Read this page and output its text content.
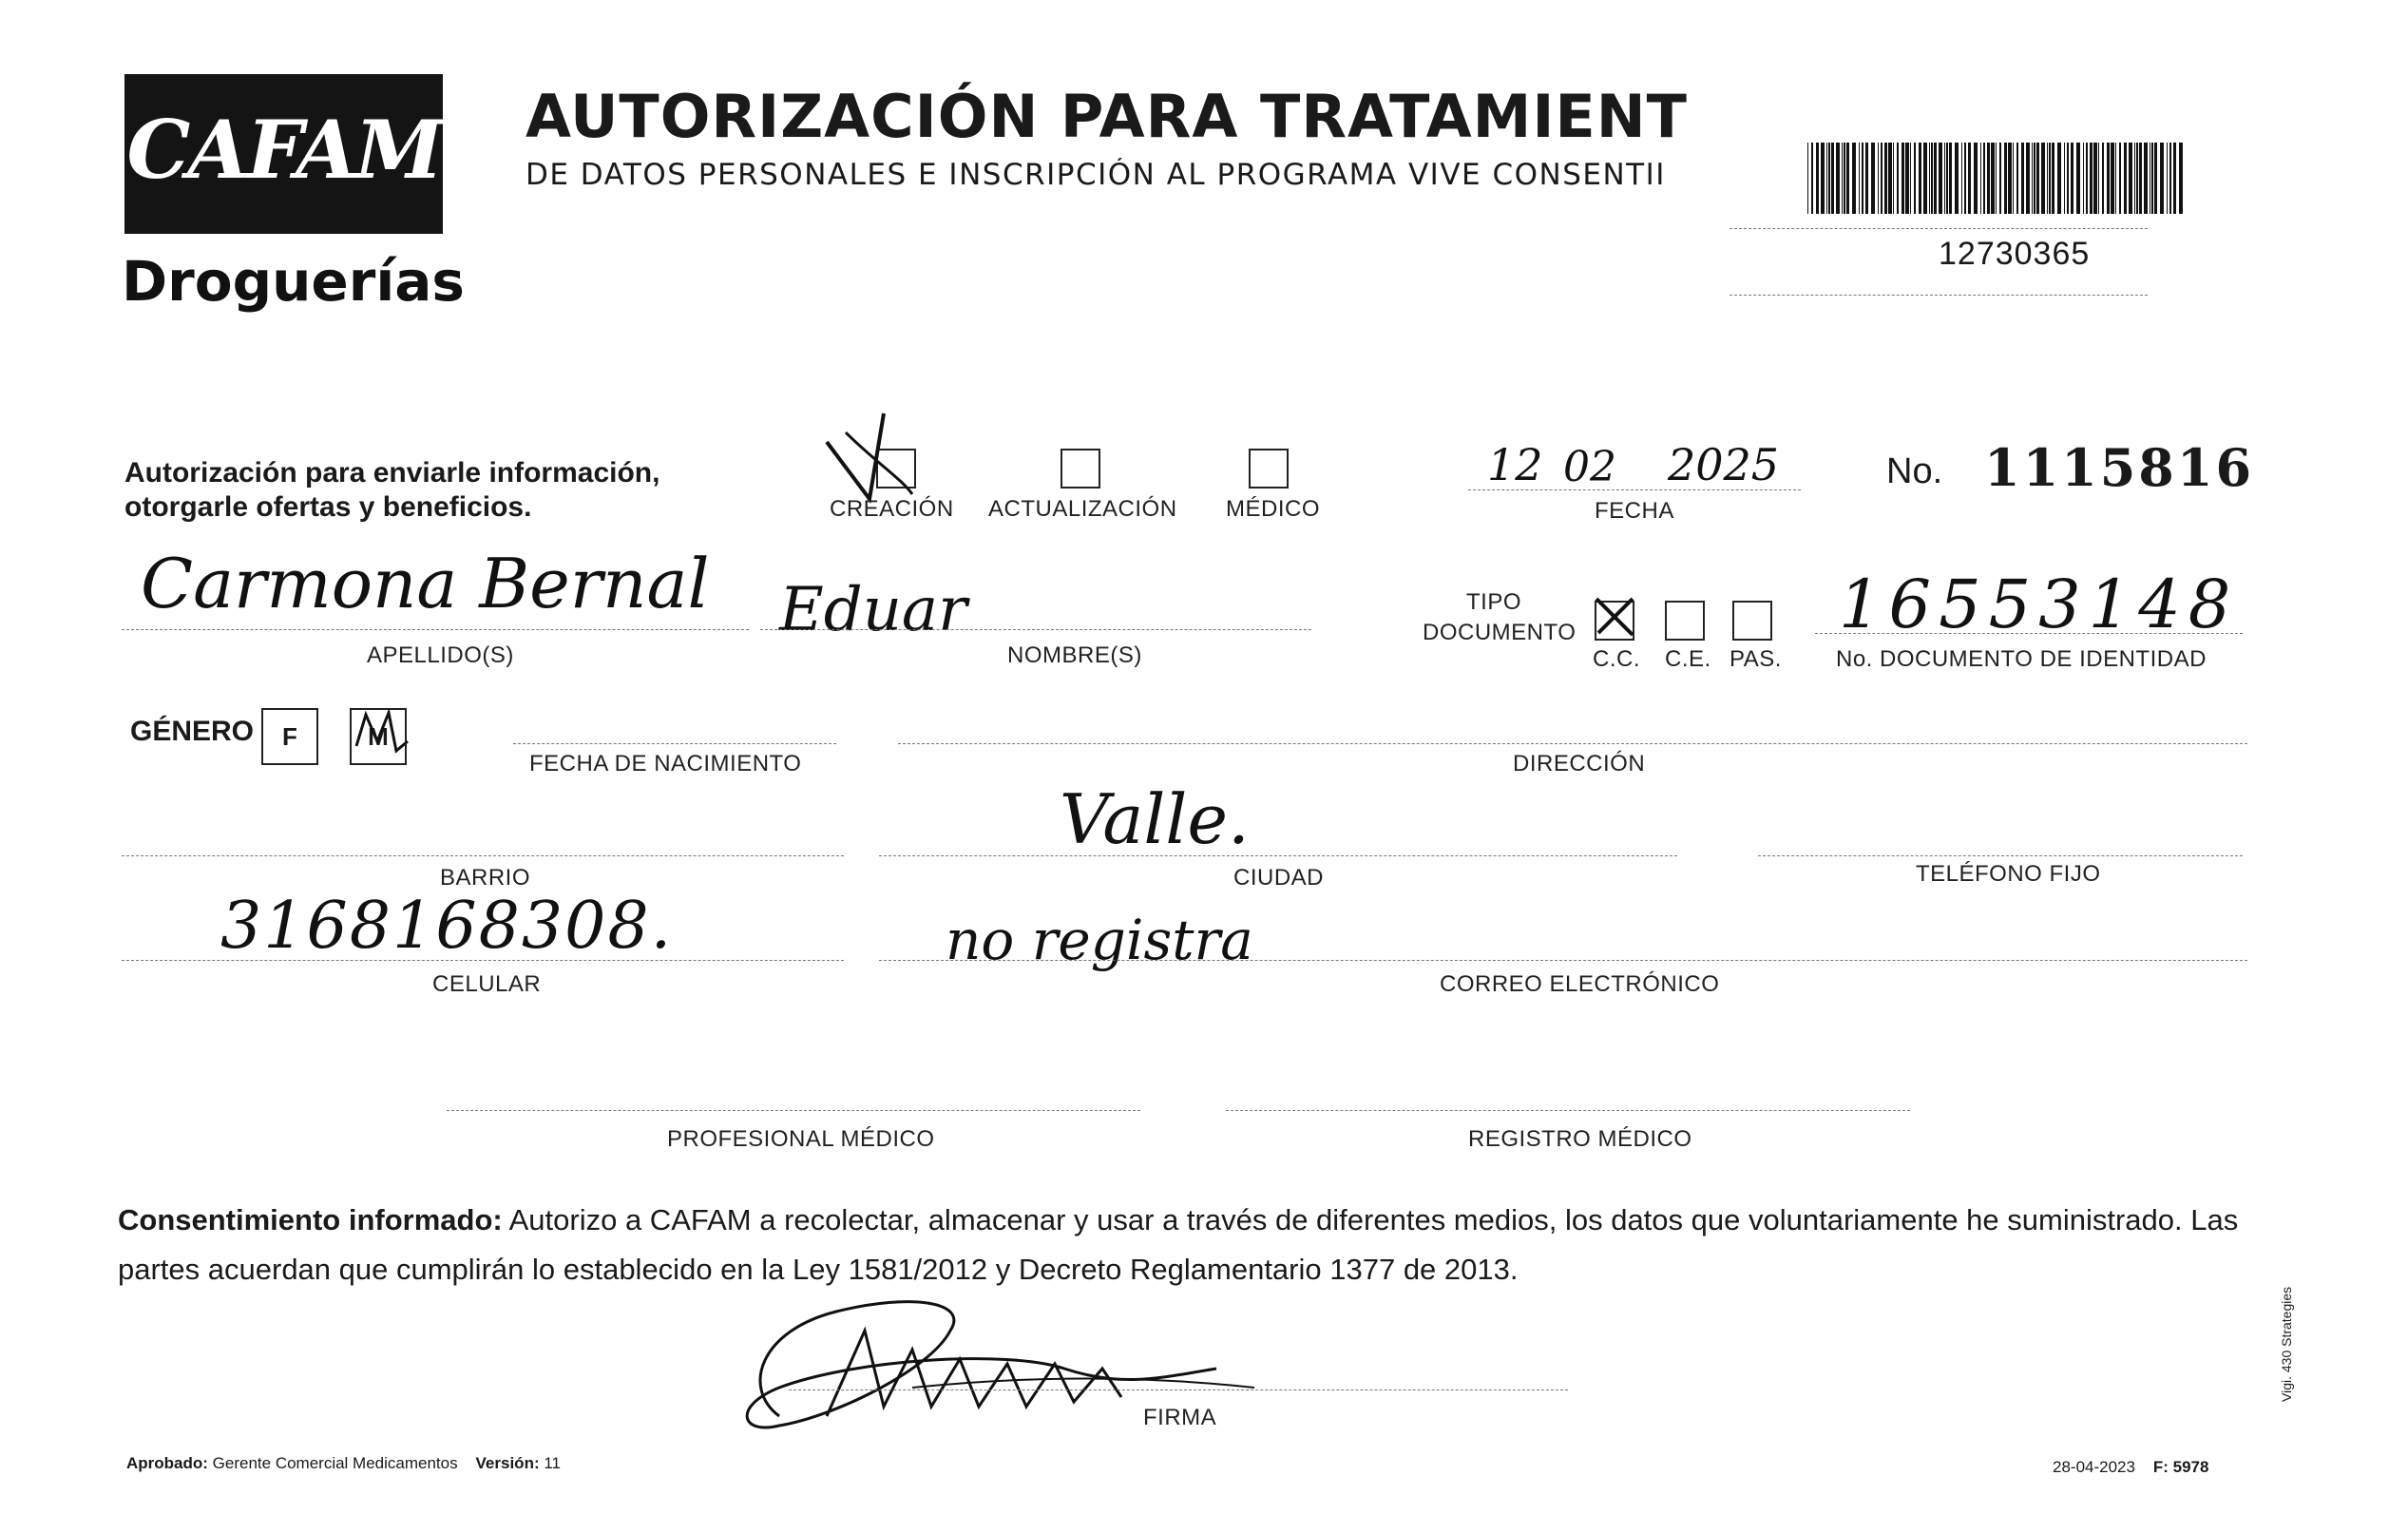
CAFAM
Droguerías
AUTORIZACIÓN PARA TRATAMIENT
DE DATOS PERSONALES E INSCRIPCIÓN AL PROGRAMA VIVE CONSENTII
12730365
Autorización para enviarle información,
otorgarle ofertas y beneficios.	CREACIÓN ACTUALIZACIÓN MÉDICO
12 02 2025
FECHA
No. 1115816
Carmona Bernal
APELLIDO(S)
Eduar
NOMBRE(S)
TIPO
DOCUMENTO
C.C. C.E. PAS.
16553148
No. DOCUMENTO DE IDENTIDAD
GÉNERO	F	M
FECHA DE NACIMIENTO	DIRECCIÓN
BARRIO
Valle.
CIUDAD	TELÉFONO FIJO
3168168308.
CELULAR
no registra
CORREO ELECTRÓNICO
PROFESIONAL MÉDICO	REGISTRO MÉDICO
Consentimiento informado: Autorizo a CAFAM a recolectar, almacenar y usar a través de diferentes medios, los datos que voluntariamente he suministrado. Las partes acuerdan que cumplirán lo establecido en la Ley 1581/2012 y Decreto Reglamentario 1377 de 2013.
FIRMA
Aprobado: Gerente Comercial Medicamentos Versión: 11	28-04-2023 F: 5978
Vigi. 430 Strategies
